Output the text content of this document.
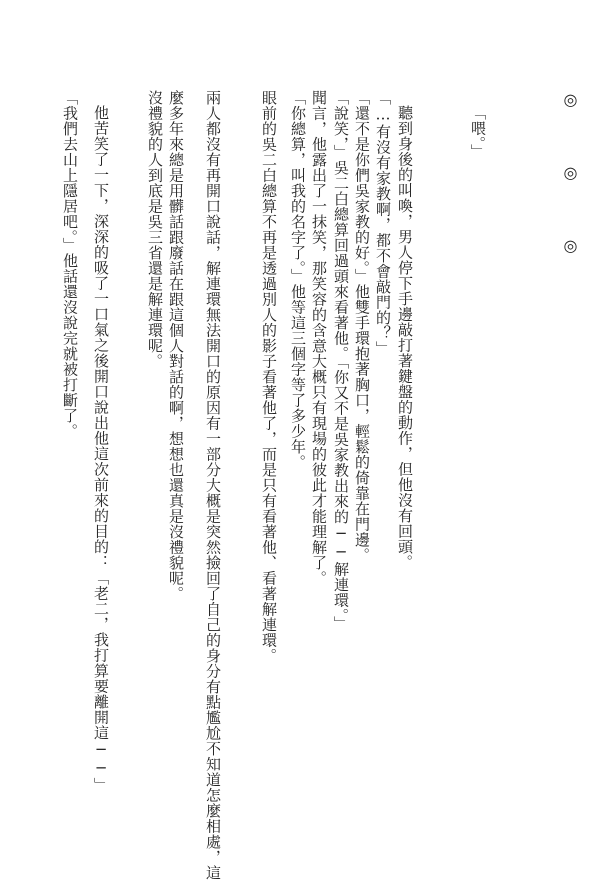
◎◎◎
「喂。」
聽到身後的叫喚，男人停下手邊敲打著鍵盤的動作，但他沒有回頭。
「…有沒有家教啊，都不會敲門的？」
「還不是你們吳家教的好。」他雙手環抱著胸口，輕鬆的倚靠在門邊。
「說笑，」吳二白總算回過頭來看著他。「你又不是吳家教出來的──解連環。」
聞言，他露出了一抹笑，那笑容的含意大概只有現場的彼此才能理解了。
「你總算，叫我的名字了。」他等這三個字等了多少年。
眼前的吳二白總算不再是透過別人的影子看著他了，而是只有看著他、看著解連環。
兩人都沒有再開口說話，解連環無法開口的原因有一部分大概是突然撿回了自己的身分有點尷尬不知道怎麼相處，這
麼多年來總是用髒話跟廢話在跟這個人對話的啊，想想也還真是沒禮貌呢。
沒禮貌的人到底是吳三省還是解連環呢。
他苦笑了一下，深深的吸了一口氣之後開口說出他這次前來的目的：「老二，我打算要離開這──」
「我們去山上隱居吧。」他話還沒說完就被打斷了。
